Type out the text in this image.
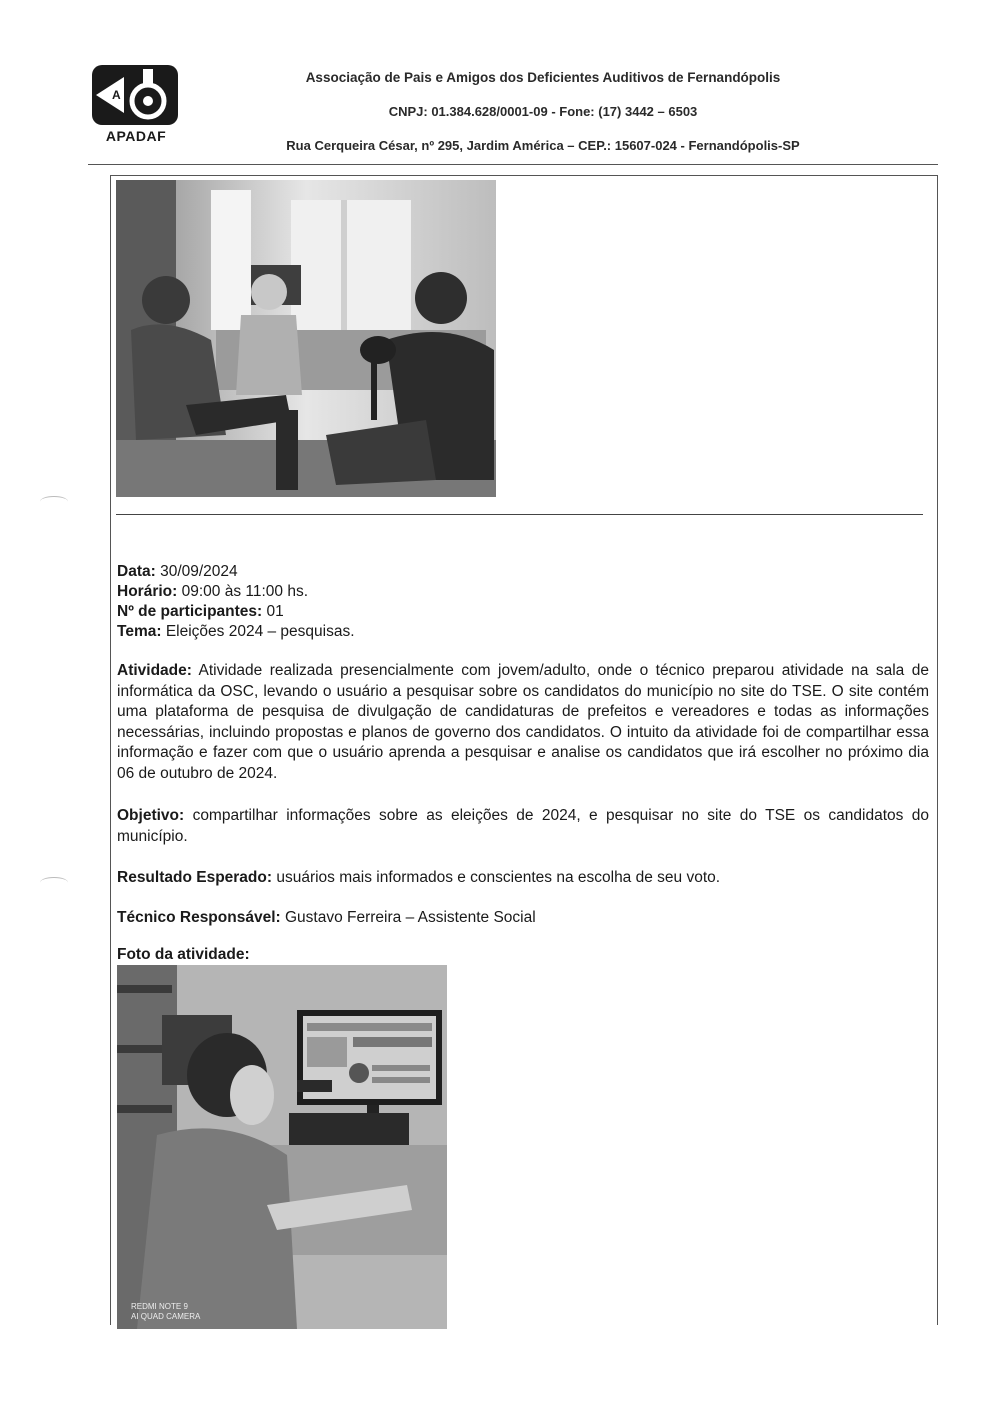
A
APADAF
Associação de Pais e Amigos dos Deficientes Auditivos de Fernandópolis
CNPJ: 01.384.628/0001-09 - Fone: (17) 3442 – 6503
Rua Cerqueira César, nº 295, Jardim América – CEP.: 15607-024 - Fernandópolis-SP
Data: 30/09/2024
Horário: 09:00 às 11:00 hs.
Nº de participantes: 01
Tema: Eleições 2024 – pesquisas.
Atividade: Atividade realizada presencialmente com jovem/adulto, onde o técnico preparou atividade na sala de informática da OSC, levando o usuário a pesquisar sobre os candidatos do município no site do TSE. O site contém uma plataforma de pesquisa de divulgação de candidaturas de prefeitos e vereadores e todas as informações necessárias, incluindo propostas e planos de governo dos candidatos. O intuito da atividade foi de compartilhar essa informação e fazer com que o usuário aprenda a pesquisar e analise os candidatos que irá escolher no próximo dia 06 de outubro de 2024.
Objetivo: compartilhar informações sobre as eleições de 2024, e pesquisar no site do TSE os candidatos do município.
Resultado Esperado: usuários mais informados e conscientes na escolha de seu voto.
Técnico Responsável: Gustavo Ferreira – Assistente Social
Foto da atividade:
REDMI NOTE 9
AI QUAD CAMERA
